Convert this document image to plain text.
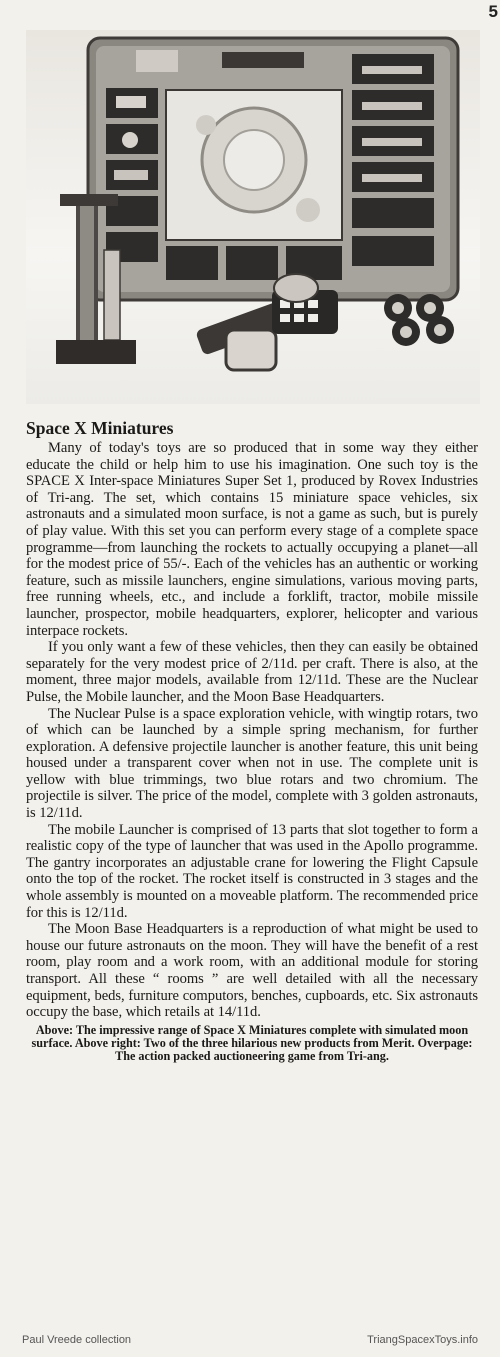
5
Space X Miniatures

Many of today's toys are so produced that in some way they either educate the child or help him to use his imagination. One such toy is the SPACE X Inter-space Miniatures Super Set 1, produced by Rovex Industries of Tri-ang. The set, which contains 15 miniature space vehicles, six astronauts and a simulated moon surface, is not a game as such, but is purely of play value. With this set you can perform every stage of a complete space programme—from launching the rockets to actually occupying a planet—all for the modest price of 55/-. Each of the vehicles has an authentic or working feature, such as missile launchers, engine simulations, various moving parts, free running wheels, etc., and include a forklift, tractor, mobile missile launcher, prospector, mobile headquarters, explorer, helicopter and various interpace rockets.

If you only want a few of these vehicles, then they can easily be obtained separately for the very modest price of 2/11d. per craft. There is also, at the moment, three major models, available from 12/11d. These are the Nuclear Pulse, the Mobile launcher, and the Moon Base Headquarters.

The Nuclear Pulse is a space exploration vehicle, with wingtip rotars, two of which can be launched by a simple spring mechanism, for further exploration. A defensive projectile launcher is another feature, this unit being housed under a transparent cover when not in use. The complete unit is yellow with blue trimmings, two blue rotars and two chromium. The projectile is silver. The price of the model, complete with 3 golden astronauts, is 12/11d.

The mobile Launcher is comprised of 13 parts that slot together to form a realistic copy of the type of launcher that was used in the Apollo programme. The gantry incorporates an adjustable crane for lowering the Flight Capsule onto the top of the rocket. The rocket itself is constructed in 3 stages and the whole assembly is mounted on a moveable platform. The recommended price for this is 12/11d.

The Moon Base Headquarters is a reproduction of what might be used to house our future astronauts on the moon. They will have the benefit of a rest room, play room and a work room, with an additional module for storing transport. All these “ rooms ” are well detailed with all the necessary equipment, beds, furniture computors, benches, cupboards, etc. Six astronauts occupy the base, which retails at 14/11d.

Above: The impressive range of Space X Miniatures complete with simulated moon surface. Above right: Two of the three hilarious new products from Merit. Overpage: The action packed auctioneering game from Tri-ang.

Paul Vreede collection	TriangSpacexToys.info
